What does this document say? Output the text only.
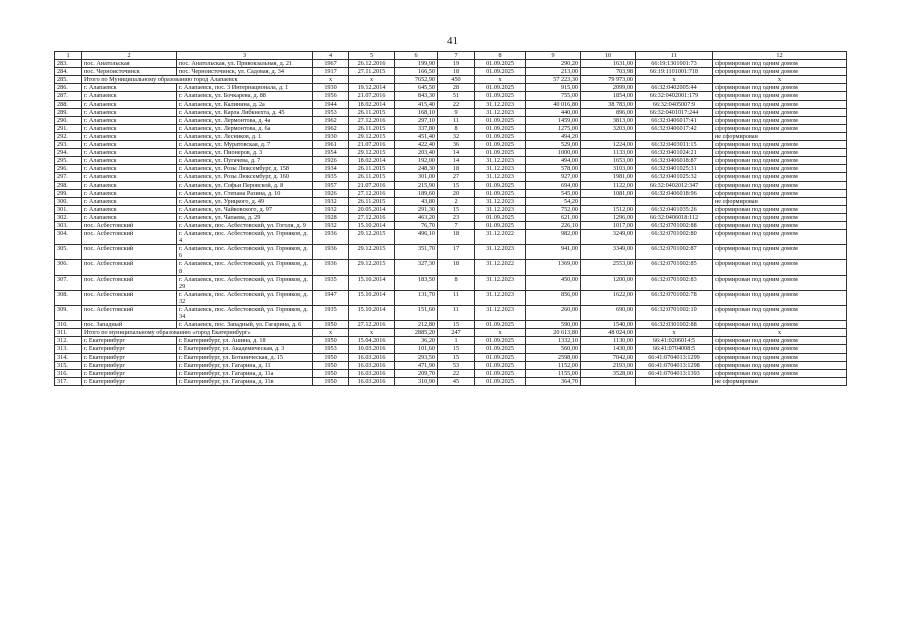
41
1	2	3	4	5	6	7	8	9	10	11	12
283.	пос. Анатольская	пос. Анатольская, ул. Привокзальная, д. 21	1967	26.12.2016	199,90	19	01.09.2025	290,20	1631,00	66:19:1301001:73	сформирован под одним домом
284.	пос. Черноисточинск	пос. Черноисточинск, ул. Садовая, д. 34	1917	27.11.2015	166,50	18	01.09.2025	213,00	703,98	66:19:1101001:718	сформирован под одним домом
285.	Итого по Муниципальному образованию город Алапаевск		x	x	7652,90	450	x	57 223,30	79 973,00	x	x
286.	г. Алапаевск	г. Алапаевск, пос. 3 Интернационала, д. 1	1930	19.12.2014	645,50	28	01.09.2025	915,00	2099,00	66:32:0402005:44	сформирован под одним домом
287.	г. Алапаевск	г. Алапаевск, ул. Бочкарева, д. 88	1956	21.07.2016	843,30	51	01.09.2025	755,00	1854,00	66:32:0402001:179	сформирован под одним домом
288.	г. Алапаевск	г. Алапаевск, ул. Калинина, д. 2а	1944	18.02.2014	415,40	22	31.12.2023	40 016,80	38 783,00	66:32:0405007:9	сформирован под одним домом
289.	г. Алапаевск	г. Алапаевск, ул. Карла Либкнехта, д. 45	1953	26.11.2015	168,10	9	31.12.2023	440,00	896,00	66:32:0401017:244	сформирован под одним домом
290.	г. Алапаевск	г. Алапаевск, ул. Лермонтова, д. 4а	1962	27.12.2016	297,10	11	01.09.2025	1459,00	3813,00	66:32:0406017:41	сформирован под одним домом
291.	г. Алапаевск	г. Алапаевск, ул. Лермонтова, д. 6а	1962	26.11.2015	337,80	8	01.09.2025	1275,00	3203,00	66:32:0406017:42	сформирован под одним домом
292.	г. Алапаевск	г. Алапаевск, ул. Лесников, д. 1	1930	29.12.2015	451,40	32	01.09.2025	494,20			не сформирован
293.	г. Алапаевск	г. Алапаевск, ул. Муратовская, д. 7	1961	21.07.2016	422,40	36	01.09.2025	529,00	1224,00	66:32:0403011:15	сформирован под одним домом
294.	г. Алапаевск	г. Алапаевск, ул. Пионеров, д. 3	1954	29.12.2015	203,40	14	01.09.2025	1000,00	1133,00	66:32:0401024:21	сформирован под одним домом
295.	г. Алапаевск	г. Алапаевск, ул. Пугачева, д. 7	1926	18.02.2014	192,00	14	31.12.2023	494,00	1653,00	66:32:0406018:87	сформирован под одним домом
296.	г. Алапаевск	г. Алапаевск, ул. Розы Люксембург, д. 158	1934	26.11.2015	248,30	18	31.12.2023	578,00	3103,00	66:32:0401025:31	сформирован под одним домом
297.	г. Алапаевск	г. Алапаевск, ул. Розы Люксембург, д. 160	1935	26.11.2015	301,00	27	31.12.2023	927,00	1981,00	66:32:0401025:32	сформирован под одним домом
298.	г. Алапаевск	г. Алапаевск, ул. Софьи Перовской, д. 8	1957	21.07.2016	215,90	15	01.09.2025	694,00	1122,00	66:32:0402012:347	сформирован под одним домом
299.	г. Алапаевск	г. Алапаевск, ул. Степана Разина, д. 10	1926	27.12.2016	189,60	20	01.09.2025	545,00	1081,00	66:32:0406018:96	сформирован под одним домом
300.	г. Алапаевск	г. Алапаевск, ул. Урицкого, д. 49	1932	26.11.2015	43,80	2	31.12.2023	54,20			не сформирован
301.	г. Алапаевск	г. Алапаевск, ул. Чайковского, д. 97	1932	20.05.2014	291,30	15	31.12.2023	752,00	1512,00	66:32:0401035:26	сформирован под одним домом
302.	г. Алапаевск	г. Алапаевск, ул. Чапаева, д. 29	1928	27.12.2016	463,20	23	01.09.2025	621,00	1296,00	66:32:0406018:112	сформирован под одним домом
303.	пос. Асбестовский	г. Алапаевск, пос. Асбестовский, ул. Гоголя, д. 9	1932	15.10.2014	76,70	7	01.09.2025	226,10	1017,00	66:32:0701002:88	сформирован под одним домом
304.	пос. Асбестовский	г. Алапаевск, пос. Асбестовский, ул. Горняков, д. 4	1936	29.12.2015	496,10	18	31.12.2022	982,00	3249,00	66:32:0701002:80	сформирован под одним домом
305.	пос. Асбестовский	г. Алапаевск, пос. Асбестовский, ул. Горняков, д. 6	1936	29.12.2015	351,70	17	31.12.2023	941,00	3349,00	66:32:0701002:87	сформирован под одним домом
306.	пос. Асбестовский	г. Алапаевск, пос. Асбестовский, ул. Горняков, д. 8	1936	29.12.2015	327,30	18	31.12.2022	1369,00	2553,00	66:32:0701002:85	сформирован под одним домом
307.	пос. Асбестовский	г. Алапаевск, пос. Асбестовский, ул. Горняков, д. 29	1935	15.10.2014	183,50	8	31.12.2023	450,00	1200,00	66:32:0701002:83	сформирован под одним домом
308.	пос. Асбестовский	г. Алапаевск, пос. Асбестовский, ул. Горняков, д. 32	1947	15.10.2014	131,70	11	31.12.2023	856,00	1622,00	66:32:0701002:78	сформирован под одним домом
309.	пос. Асбестовский	г. Алапаевск, пос. Асбестовский, ул. Горняков, д. 34	1935	15.10.2014	151,60	11	31.12.2023	260,00	690,00	66:32:0701002:10	сформирован под одним домом
310.	пос. Западный	г. Алапаевск, пос. Западный, ул. Гагарина, д. 6	1950	27.12.2016	212,80	15	01.09.2025	590,00	1540,00	66:32:0301002:88	сформирован под одним домом
311.	Итого по муниципальному образованию «город Екатеринбург»		x	x	2885,20	247	x	20 613,80	48 024,00	x	x
312.	г. Екатеринбург	г. Екатеринбург, ул. Ашина, д. 18	1950	15.04.2016	36,20	1	01.09.2025	1332,10	1130,00	66:41:0206014:5	сформирован под одним домом
313.	г. Екатеринбург	г. Екатеринбург, ул. Академическая, д. 3	1953	10.03.2016	101,60	15	01.09.2025	560,00	1430,00	66:41:0704008:5	сформирован под одним домом
314.	г. Екатеринбург	г. Екатеринбург, ул. Ботаническая, д. 15	1950	16.03.2016	293,50	15	01.09.2025	2598,00	7042,00	66:41:0704013:1299	сформирован под одним домом
315.	г. Екатеринбург	г. Екатеринбург, ул. Гагарина, д. 11	1950	16.03.2016	471,90	53	01.09.2025	1152,00	2193,00	66:41:0704013:1298	сформирован под одним домом
316.	г. Екатеринбург	г. Екатеринбург, ул. Гагарина, д. 11а	1950	16.03.2016	209,70	22	01.09.2025	1155,00	3528,00	66:41:0704013:1393	сформирован под одним домом
317.	г. Екатеринбург	г. Екатеринбург, ул. Гагарина, д. 11в	1950	16.03.2016	310,90	45	01.09.2025	364,70			не сформирован
